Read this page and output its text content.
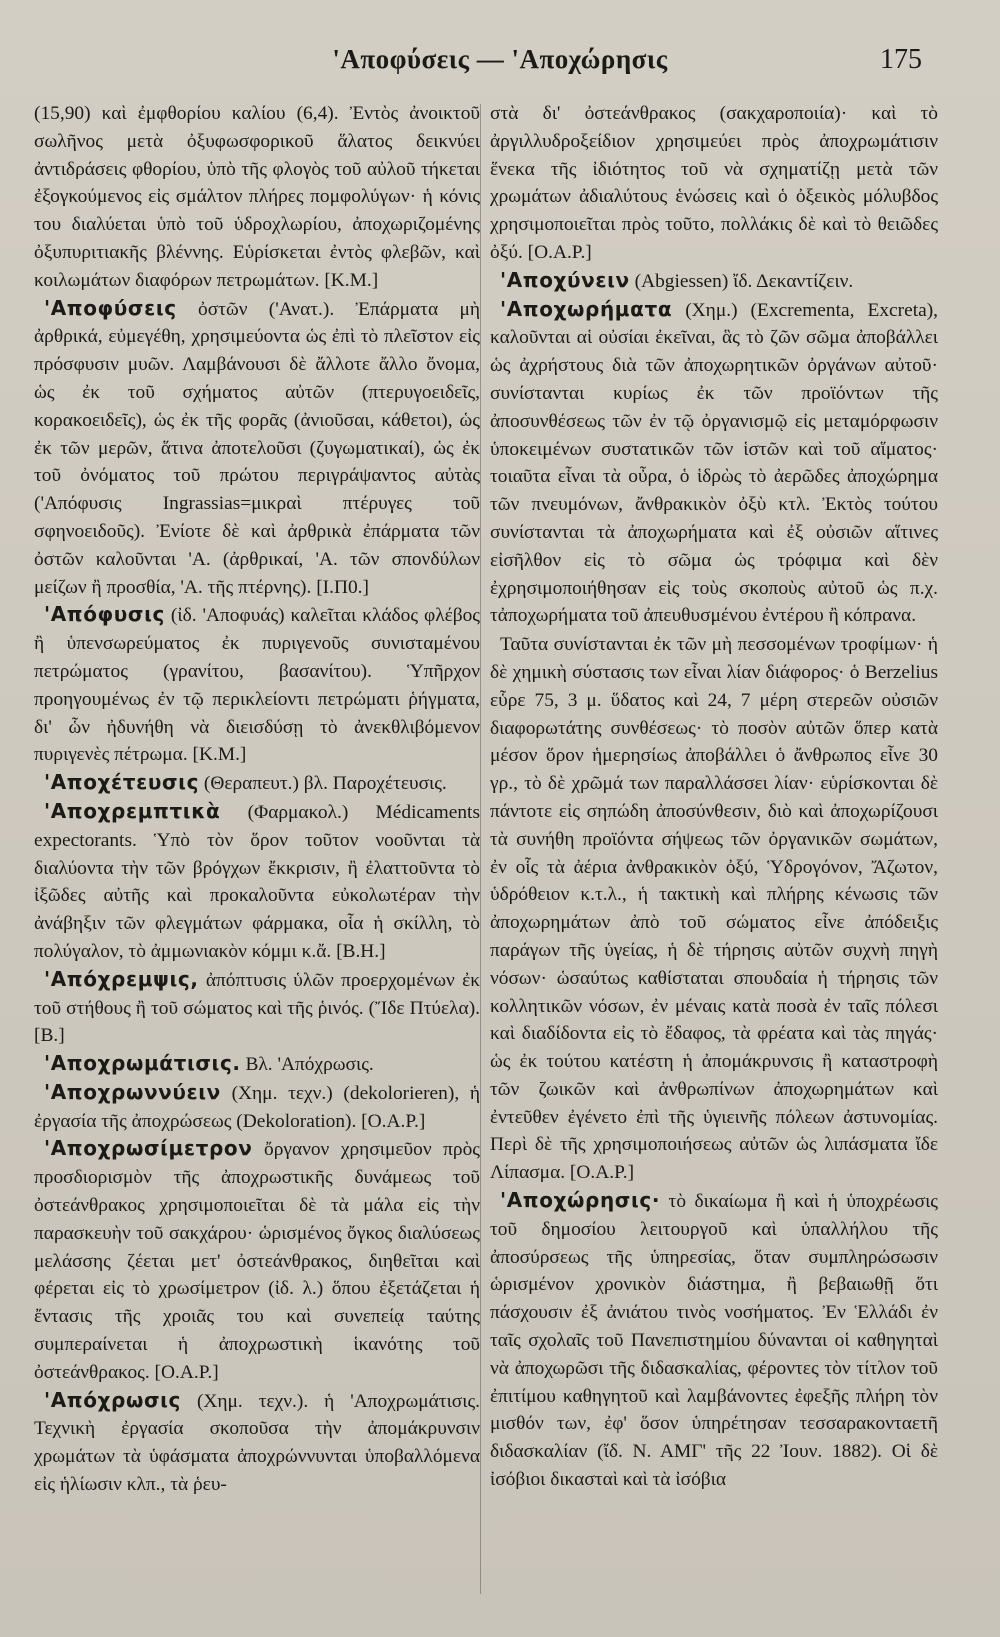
'Αποφύσεις — 'Αποχώρησις	175

(15,90) καὶ ἐμφθορίου καλίου (6,4). Ἐντὸς ἀνοικτοῦ σωλῆνος μετὰ ὀξυφωσφορικοῦ ἅλατος δεικνύει ἀντιδράσεις φθορίου, ὑπὸ τῆς φλογὸς τοῦ αὐλοῦ τήκεται ἐξογκούμενος εἰς σμάλτον πλήρες πομφολύγων· ἡ κόνις του διαλύεται ὑπὸ τοῦ ὑδροχλωρίου, ἀποχωριζομένης ὀξυπυριτιακῆς βλέννης. Εὑρίσκεται ἐντὸς φλεβῶν, καὶ κοιλωμάτων διαφόρων πετρωμάτων. [Κ.Μ.]

'Αποφύσεις ὀστῶν ('Ανατ.). Ἐπάρματα μὴ ἀρθρικά, εὐμεγέθη, χρησιμεύοντα ὡς ἐπὶ τὸ πλεῖστον εἰς πρόσφυσιν μυῶν. Λαμβάνουσι δὲ ἄλλοτε ἄλλο ὄνομα, ὡς ἐκ τοῦ σχήματος αὐτῶν (πτερυγοειδεῖς, κορακοειδεῖς), ὡς ἐκ τῆς φορᾶς (ἀνιοῦσαι, κάθετοι), ὡς ἐκ τῶν μερῶν, ἅτινα ἀποτελοῦσι (ζυγωματικαί), ὡς ἐκ τοῦ ὀνόματος τοῦ πρώτου περιγράψαντος αὐτὰς ('Απόφυσις Ingrassias=μικραὶ πτέρυγες τοῦ σφηνοειδοῦς). Ἐνίοτε δὲ καὶ ἀρθρικὰ ἐπάρματα τῶν ὀστῶν καλοῦνται 'Α. (ἀρθρικαί, 'Α. τῶν σπονδύλων μείζων ἢ προσθία, 'Α. τῆς πτέρνης). [Ι.Π0.]

'Απόφυσις (ἰδ. 'Αποφυάς) καλεῖται κλάδος φλέβος ἢ ὑπενσωρεύματος ἐκ πυριγενοῦς συνισταμένου πετρώματος (γρανίτου, βασανίτου). Ὑπῆρχον προηγουμένως ἐν τῷ περικλείοντι πετρώματι ῥήγματα, δι' ὧν ἠδυνήθη νὰ διεισδύσῃ τὸ ἀνεκθλιβόμενον πυριγενὲς πέτρωμα. [Κ.Μ.]

'Αποχέτευσις (Θεραπευτ.) βλ. Παροχέτευσις.

'Αποχρεμπτικὰ (Φαρμακολ.) Médicaments expectorants. Ὑπὸ τὸν ὅρον τοῦτον νοοῦνται τὰ διαλύοντα τὴν τῶν βρόγχων ἔκκρισιν, ἢ ἐλαττοῦντα τὸ ἰξῶδες αὐτῆς καὶ προκαλοῦντα εὐκολωτέραν τὴν ἀνάβηξιν τῶν φλεγμάτων φάρμακα, οἷα ἡ σκίλλη, τὸ πολύγαλον, τὸ ἀμμωνιακὸν κόμμι κ.ἄ. [Β.Η.]

'Απόχρεμψις, ἀπόπτυσις ὑλῶν προερχομένων ἐκ τοῦ στήθους ἢ τοῦ σώματος καὶ τῆς ῥινός. (Ἴδε Πτύελα). [Β.]

'Αποχρωμάτισις. Βλ. 'Απόχρωσις.

'Αποχρωννύειν (Χημ. τεχν.) (dekolorieren), ἡ ἐργασία τῆς ἀποχρώσεως (Dekoloration). [Ο.Α.Ρ.]

'Αποχρωσίμετρον ὄργανον χρησιμεῦον πρὸς προσδιορισμὸν τῆς ἀποχρωστικῆς δυνάμεως τοῦ ὀστεάνθρακος χρησιμοποιεῖται δὲ τὰ μάλα εἰς τὴν παρασκευὴν τοῦ σακχάρου· ὡρισμένος ὄγκος διαλύσεως μελάσσης ζέεται μετ' ὀστεάνθρακος, διηθεῖται καὶ φέρεται εἰς τὸ χρωσίμετρον (ἰδ. λ.) ὅπου ἐξετάζεται ἡ ἔντασις τῆς χροιᾶς του καὶ συνεπείᾳ ταύτης συμπεραίνεται ἡ ἀποχρωστικὴ ἱκανότης τοῦ ὀστεάνθρακος. [Ο.Α.Ρ.]

'Απόχρωσις (Χημ. τεχν.). ἡ 'Αποχρωμάτισις. Τεχνικὴ ἐργασία σκοποῦσα τὴν ἀπομάκρυνσιν χρωμάτων τὰ ὑφάσματα ἀποχρώννυνται ὑποβαλλόμενα εἰς ἡλίωσιν κλπ., τὰ ῥευ-

στὰ δι' ὀστεάνθρακος (σακχαροποιία)· καὶ τὸ ἀργιλλυδροξείδιον χρησιμεύει πρὸς ἀποχρωμάτισιν ἕνεκα τῆς ἰδιότητος τοῦ νὰ σχηματίζῃ μετὰ τῶν χρωμάτων ἀδιαλύτους ἑνώσεις καὶ ὁ ὀξεικὸς μόλυβδος χρησιμοποιεῖται πρὸς τοῦτο, πολλάκις δὲ καὶ τὸ θειῶδες ὀξύ. [Ο.Α.Ρ.]

'Αποχύνειν (Abgiessen) ἴδ. Δεκαντίζειν.

'Αποχωρήματα (Χημ.) (Excrementa, Excreta), καλοῦνται αἱ οὐσίαι ἐκεῖναι, ἃς τὸ ζῶν σῶμα ἀποβάλλει ὡς ἀχρήστους διὰ τῶν ἀποχωρητικῶν ὀργάνων αὐτοῦ· συνίστανται κυρίως ἐκ τῶν προϊόντων τῆς ἀποσυνθέσεως τῶν ἐν τῷ ὀργανισμῷ εἰς μεταμόρφωσιν ὑποκειμένων συστατικῶν τῶν ἱστῶν καὶ τοῦ αἵματος· τοιαῦτα εἶναι τὰ οὖρα, ὁ ἱδρὼς τὸ ἀερῶδες ἀποχώρημα τῶν πνευμόνων, ἄνθρακικὸν ὀξὺ κτλ. Ἐκτὸς τούτου συνίστανται τὰ ἀποχωρήματα καὶ ἐξ οὐσιῶν αἵτινες εἰσῆλθον εἰς τὸ σῶμα ὡς τρόφιμα καὶ δὲν ἐχρησιμοποιήθησαν εἰς τοὺς σκοποὺς αὐτοῦ ὡς π.χ. τἀποχωρήματα τοῦ ἀπευθυσμένου ἐντέρου ἢ κόπρανα.

Ταῦτα συνίστανται ἐκ τῶν μὴ πεσσομένων τροφίμων· ἡ δὲ χημικὴ σύστασις των εἶναι λίαν διάφορος· ὁ Berzelius εὗρε 75, 3 μ. ὕδατος καὶ 24, 7 μέρη στερεῶν οὐσιῶν διαφορωτάτης συνθέσεως· τὸ ποσὸν αὐτῶν ὅπερ κατὰ μέσον ὅρον ἡμερησίως ἀποβάλλει ὁ ἄνθρωπος εἶνε 30 γρ., τὸ δὲ χρῶμά των παραλλάσσει λίαν· εὑρίσκονται δὲ πάντοτε εἰς σηπώδη ἀποσύνθεσιν, διὸ καὶ ἀποχωρίζουσι τὰ συνήθη προϊόντα σήψεως τῶν ὀργανικῶν σωμάτων, ἐν οἷς τὰ ἀέρια ἀνθρακικὸν ὀξύ, Ὑδρογόνον, Ἄζωτον, ὑδρόθειον κ.τ.λ., ἡ τακτικὴ καὶ πλήρης κένωσις τῶν ἀποχωρημάτων ἀπὸ τοῦ σώματος εἶνε ἀπόδειξις παράγων τῆς ὑγείας, ἡ δὲ τήρησις αὐτῶν συχνὴ πηγὴ νόσων· ὡσαύτως καθίσταται σπουδαία ἡ τήρησις τῶν κολλητικῶν νόσων, ἐν μέναις κατὰ ποσὰ ἐν ταῖς πόλεσι καὶ διαδίδοντα εἰς τὸ ἔδαφος, τὰ φρέατα καὶ τὰς πηγάς· ὡς ἐκ τούτου κατέστη ἡ ἀπομάκρυνσις ἢ καταστροφὴ τῶν ζωικῶν καὶ ἀνθρωπίνων ἀποχωρημάτων καὶ ἐντεῦθεν ἐγένετο ἐπὶ τῆς ὑγιεινῆς πόλεων ἀστυνομίας. Περὶ δὲ τῆς χρησιμοποιήσεως αὐτῶν ὡς λιπάσματα ἴδε Λίπασμα. [Ο.Α.Ρ.]

'Αποχώρησις· τὸ δικαίωμα ἢ καὶ ἡ ὑποχρέωσις τοῦ δημοσίου λειτουργοῦ καὶ ὑπαλλήλου τῆς ἀποσύρσεως τῆς ὑπηρεσίας, ὅταν συμπληρώσωσιν ὡρισμένον χρονικὸν διάστημα, ἢ βεβαιωθῇ ὅτι πάσχουσιν ἐξ ἀνιάτου τινὸς νοσήματος. Ἐν Ἑλλάδι ἐν ταῖς σχολαῖς τοῦ Πανεπιστημίου δύνανται οἱ καθηγηταὶ νὰ ἀποχωρῶσι τῆς διδασκαλίας, φέροντες τὸν τίτλον τοῦ ἐπιτίμου καθηγητοῦ καὶ λαμβάνοντες ἐφεξῆς πλήρη τὸν μισθόν των, ἐφ' ὅσον ὑπηρέτησαν τεσσαρακονταετῆ διδασκαλίαν (ἴδ. Ν. ΑΜΓ' τῆς 22 Ἰουν. 1882). Οἱ δὲ ἰσόβιοι δικασταὶ καὶ τὰ ἰσόβια
